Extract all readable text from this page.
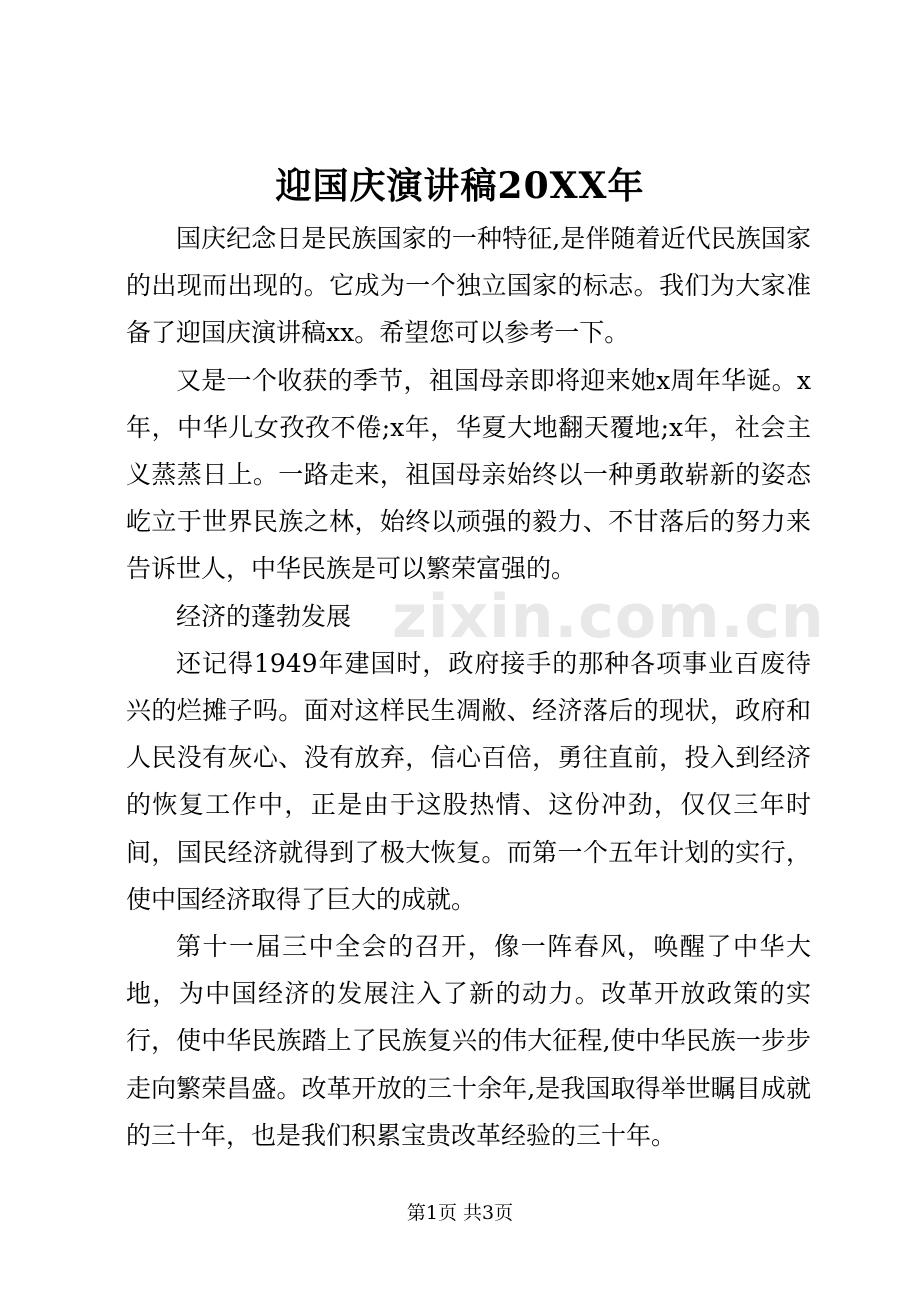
zixin.com.cn
迎国庆演讲稿20XX年

国庆纪念日是民族国家的一种特征,是伴随着近代民族国家的出现而出现的。它成为一个独立国家的标志。我们为大家准备了迎国庆演讲稿xx。希望您可以参考一下。

又是一个收获的季节，祖国母亲即将迎来她x周年华诞。x年，中华儿女孜孜不倦;x年，华夏大地翻天覆地;x年，社会主义蒸蒸日上。一路走来，祖国母亲始终以一种勇敢崭新的姿态屹立于世界民族之林，始终以顽强的毅力、不甘落后的努力来告诉世人，中华民族是可以繁荣富强的。

经济的蓬勃发展

还记得1949年建国时，政府接手的那种各项事业百废待兴的烂摊子吗。面对这样民生凋敝、经济落后的现状，政府和人民没有灰心、没有放弃，信心百倍，勇往直前，投入到经济的恢复工作中，正是由于这股热情、这份冲劲，仅仅三年时间，国民经济就得到了极大恢复。而第一个五年计划的实行，使中国经济取得了巨大的成就。

第十一届三中全会的召开，像一阵春风，唤醒了中华大地，为中国经济的发展注入了新的动力。改革开放政策的实行，使中华民族踏上了民族复兴的伟大征程,使中华民族一步步走向繁荣昌盛。改革开放的三十余年,是我国取得举世瞩目成就的三十年，也是我们积累宝贵改革经验的三十年。

第1页 共3页
